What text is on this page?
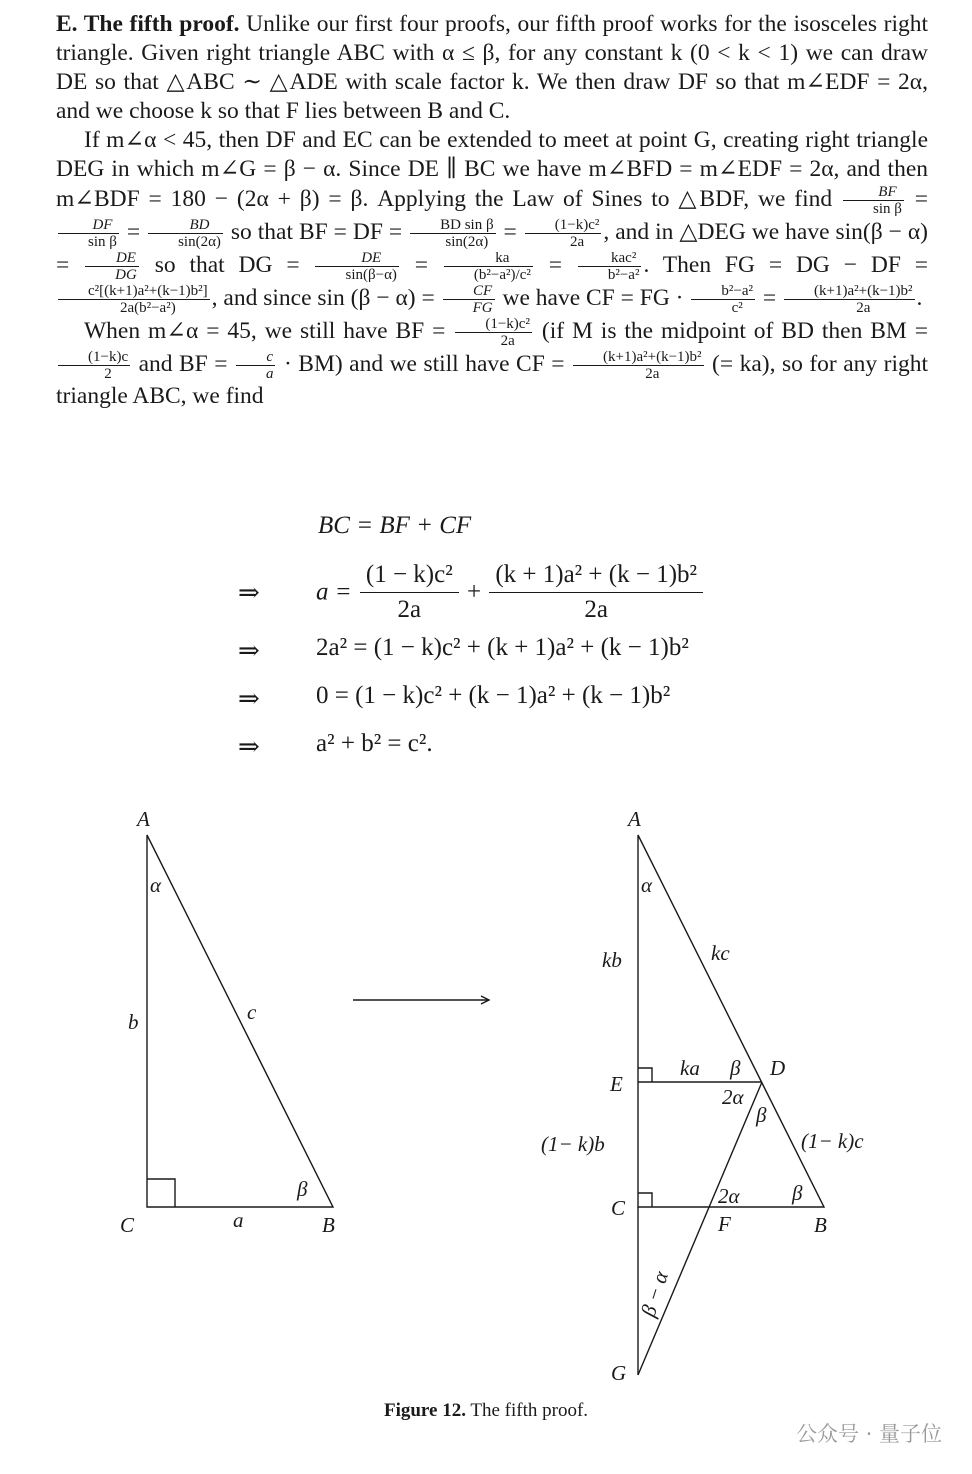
E. The fifth proof. Unlike our first four proofs, our fifth proof works for the isosceles right triangle. Given right triangle ABC with α ≤ β, for any constant k (0 < k < 1) we can draw DE so that △ABC ∼ △ADE with scale factor k. We then draw DF so that m∠EDF = 2α, and we choose k so that F lies between B and C.

If m∠α < 45, then DF and EC can be extended to meet at point G, creating right triangle DEG in which m∠G = β − α. Since DE ∥ BC we have m∠BFD = m∠EDF = 2α, and then m∠BDF = 180 − (2α + β) = β. Applying the Law of Sines to △BDF, we find $\frac{BF}{\text{sin β}}$ =
$\frac{DF}{\text{sin β}} = \frac{BD}{\sin(2\alpha)}$ so that BF = DF = $\frac{\text{BD sin β}}{\sin(2\alpha)} = \frac{\text{(1−k)c²}}{2a}$ , and in △DEG we have $\sin(\beta - \alpha) = \frac{DE}{DG}$ so that DG = $\frac{DE}{\sin(\beta-\alpha)} = \frac{ka}{\text{(b²−a²)/c²}} = \frac{\text{kac²}}{\text{b²−a²}}$ . Then FG = DG − DF =
$\frac{\text{c²[(k+1)a²+(k−1)b²]}}{\text{2a(b²−a²)}}$ , and since $\sin (\beta - \alpha) = \frac{CF}{FG}$ we have CF = FG · $\frac{\text{b²−a²}}{\text{c²}} = \frac{\text{(k+1)a²+(k−1)b²}}{2a}$ .

When m∠α = 45, we still have BF = $\frac{\text{(1−k)c²}}{2a} (if$ M is the midpoint of BD then BM =
$\frac{(1-k)c}{2}$ and BF = $\frac{c}{a} \cdot BM$) and we still have CF = $\frac{\text{(k+1)a²+(k−1)b²}}{2a}$ (= ka), so for any right triangle ABC, we find

BC = BF + CF
⇒ $a = \frac{\text{(1 − k)c²}}{2a} + \frac{\text{(k + 1)a² + (k − 1)b²}}{2a}$
⇒ 2a² = (1 − k)c² + (k + 1)a² + (k − 1)b²
⇒ 0 = (1 − k)c² + (k − 1)a² + (k − 1)b²
⇒ a² + b² = c².
A
C	B
a
b	c
α
β
A
α
kb	kc
E
ka β D
2α
β
(1− k)b	(1− k)c
C	2α β
F	B
G
β − α
Figure 12. The fifth proof.
公众号 · 量子位
